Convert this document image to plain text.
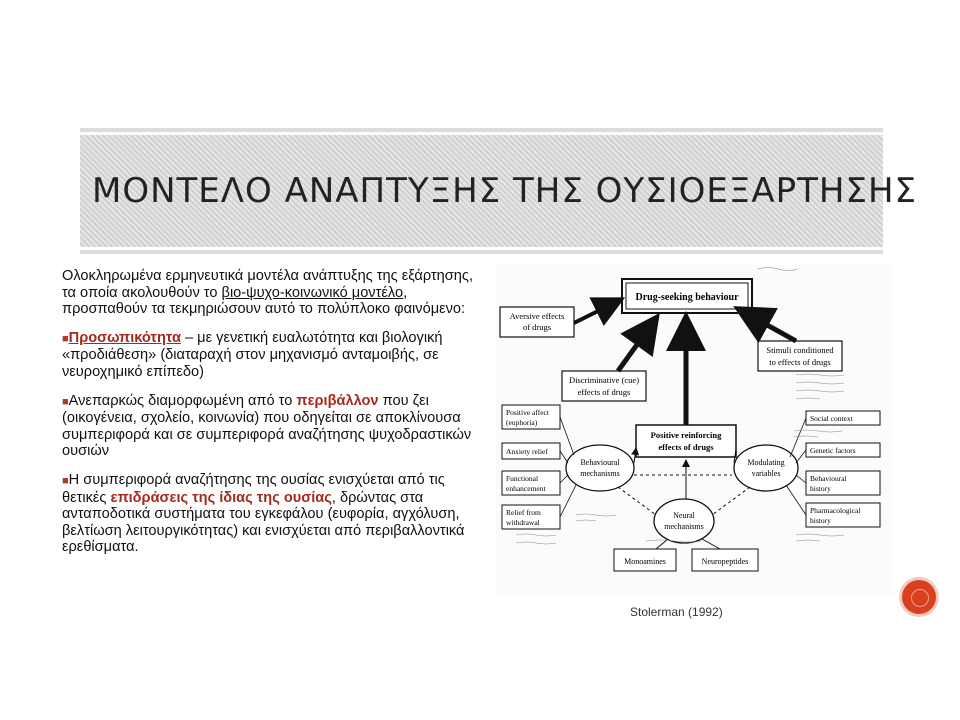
ΜΟΝΤΕΛΟ ΑΝΑΠΤΥΞΗΣ ΤΗΣ ΟΥΣΙΟΕΞΑΡΤΗΣΗΣ

Ολοκληρωμένα ερμηνευτικά μοντέλα ανάπτυξης της εξάρτησης, τα οποία ακολουθούν το βιο-ψυχο-κοινωνικό μοντέλο, προσπαθούν τα τεκμηριώσουν αυτό το πολύπλοκο φαινόμενο:

■Προσωπικότητα – με γενετική ευαλωτότητα και βιολογική «προδιάθεση» (διαταραχή στον μηχανισμό ανταμοιβής, σε νευροχημικό επίπεδο)

■Ανεπαρκώς διαμορφωμένη από το περιβάλλον που ζει (οικογένεια, σχολείο, κοινωνία) που οδηγείται σε αποκλίνουσα συμπεριφορά και σε συμπεριφορά αναζήτησης ψυχοδραστικών ουσιών

■Η συμπεριφορά αναζήτησης της ουσίας ενισχύεται από τις θετικές επιδράσεις της ίδιας της ουσίας, δρώντας στα ανταποδοτικά συστήματα του εγκεφάλου (ευφορία, αγχόλυση, βελτίωση λειτουργικότητας) και ενισχύεται από περιβαλλοντικά ερεθίσματα.

Drug-seeking behaviour
Aversive effects
of drugs
Stimuli conditioned
to effects of drugs
Discriminative (cue)
effects of drugs
Positive reinforcing
effects of drugs
Behavioural
mechanisms
Modulating
variables
Neural
mechanisms
Positive affect
(euphoria)
Anxiety relief
Functional
enhancement
Relief from
withdrawal
Social context
Genetic factors
Behavioural
history
Pharmacological
history
Monoamines	Neuropeptides
Stolerman (1992)
